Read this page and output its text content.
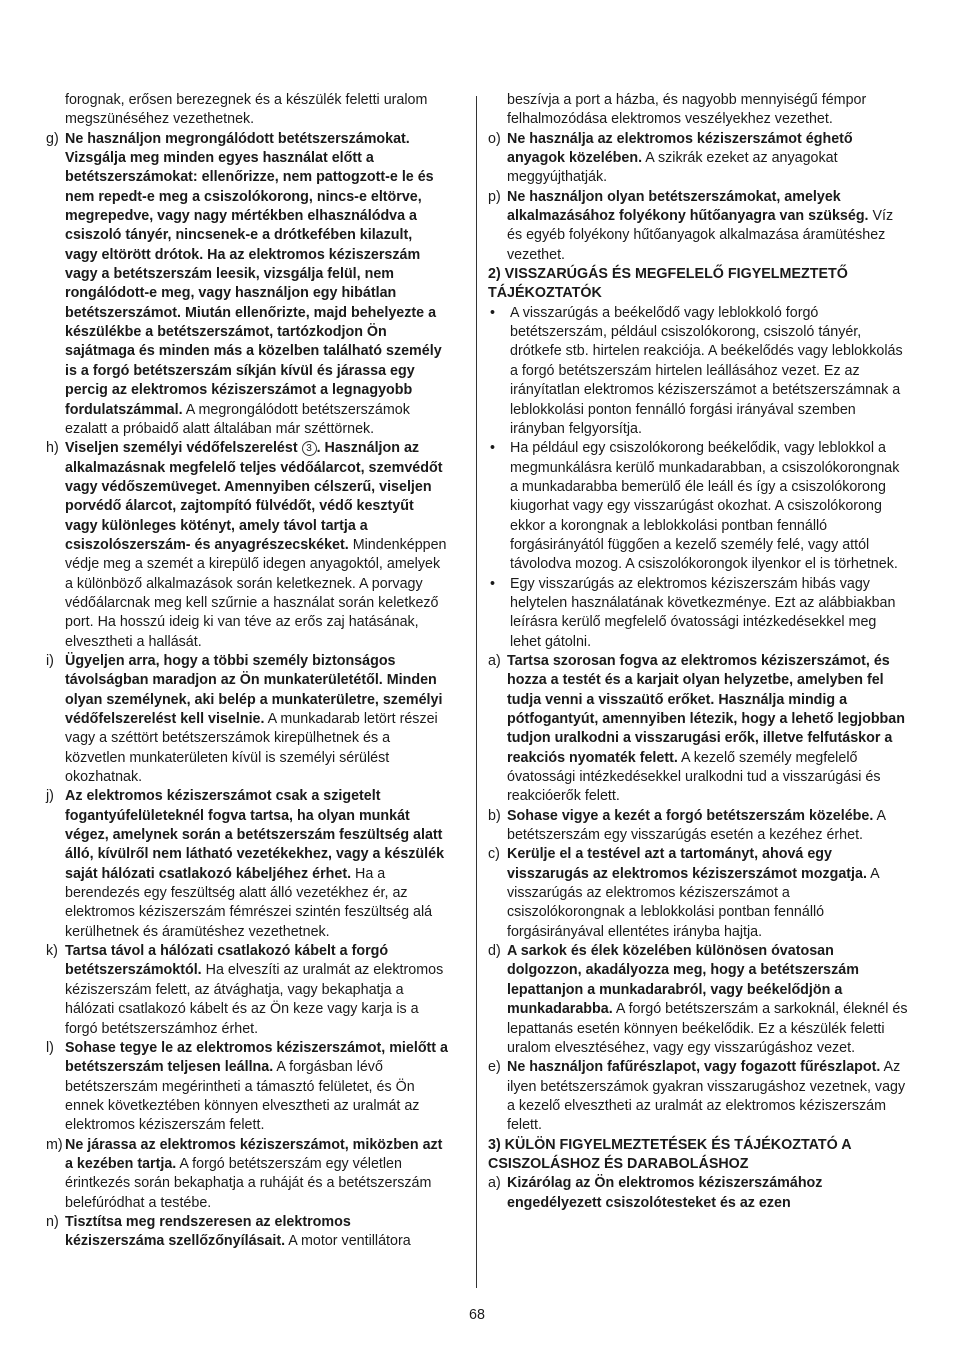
forognak, erősen berezegnek és a készülék feletti uralom megszünéséhez vezethetnek.
g) Ne használjon megrongálódott betétszerszámokat. Vizsgálja meg minden egyes használat előtt a betétszerszámokat: ellenőrizze, nem pattogzott-e le és nem repedt-e meg a csiszolókorong, nincs-e eltörve, megrepedve, vagy nagy mértékben elhasználódva a csiszoló tányér, nincsenek-e a drótkefében kilazult, vagy eltörött drótok. Ha az elektromos kéziszerszám vagy a betétszerszám leesik, vizsgálja felül, nem rongálódott-e meg, vagy használjon egy hibátlan betétszerszámot. Miután ellenőrizte, majd behelyezte a készülékbe a betétszerszámot, tartózkodjon Ön sajátmaga és minden más a közelben található személy is a forgó betétszerszám síkján kívül és járassa egy percig az elektromos kéziszerszámot a legnagyobb fordulatszámmal. A megrongálódott betétszerszámok ezalatt a próbaidő alatt általában már széttörnek.
h) Viseljen személyi védőfelszerelést 3 . Használjon az alkalmazásnak megfelelő teljes védőálarcot, szemvédőt vagy védőszemüveget. Amennyiben célszerű, viseljen porvédő álarcot, zajtompító fülvédőt, védő kesztyűt vagy különleges kötényt, amely távol tartja a csiszolószerszám- és anyagrészecskéket. Mindenképpen védje meg a szemét a kirepülő idegen anyagoktól, amelyek a különböző alkalmazások során keletkeznek. A porvagy védőálarcnak meg kell szűrnie a használat során keletkező port. Ha hosszú ideig ki van téve az erős zaj hatásának, elvesztheti a hallását.
i) Ügyeljen arra, hogy a többi személy biztonságos távolságban maradjon az Ön munkaterületétől. Minden olyan személynek, aki belép a munkaterületre, személyi védőfelszerelést kell viselnie. A munkadarab letört részei vagy a széttört betétszerszámok kirepülhetnek és a közvetlen munkaterületen kívül is személyi sérülést okozhatnak.
j) Az elektromos kéziszerszámot csak a szigetelt fogantyúfelületeknél fogva tartsa, ha olyan munkát végez, amelynek során a betétszerszám feszültség alatt álló, kívülről nem látható vezetékekhez, vagy a készülék saját hálózati csatlakozó kábeljéhez érhet. Ha a berendezés egy feszültség alatt álló vezetékhez ér, az elektromos kéziszerszám fémrészei szintén feszültség alá kerülhetnek és áramütéshez vezethetnek.
k) Tartsa távol a hálózati csatlakozó kábelt a forgó betétszerszámoktól. Ha elveszíti az uralmát az elektromos kéziszerszám felett, az átvághatja, vagy bekaphatja a hálózati csatlakozó kábelt és az Ön keze vagy karja is a forgó betétszerszámhoz érhet.
l) Sohase tegye le az elektromos kéziszerszámot, mielőtt a betétszerszám teljesen leállna. A forgásban lévő betétszerszám megérintheti a támasztó felületet, és Ön ennek következtében könnyen elvesztheti az uralmát az elektromos kéziszerszám felett.
m) Ne járassa az elektromos kéziszerszámot, miközben azt a kezében tartja. A forgó betétszerszám egy véletlen érintkezés során bekaphatja a ruháját és a betétszerszám belefúródhat a testébe.
n) Tisztítsa meg rendszeresen az elektromos kéziszerszáma szellőzőnyílásait. A motor ventillátora
beszívja a port a házba, és nagyobb mennyiségű fémpor felhalmozódása elektromos veszélyekhez vezethet.
o) Ne használja az elektromos kéziszerszámot éghető anyagok közelében. A szikrák ezeket az anyagokat meggyújthatják.
p) Ne használjon olyan betétszerszámokat, amelyek alkalmazásához folyékony hűtőanyagra van szükség. Víz és egyéb folyékony hűtőanyagok alkalmazása áramütéshez vezethet.
2) VISSZARÚGÁS ÉS MEGFELELŐ FIGYELMEZTETŐ TÁJÉKOZTATÓK
• A visszarúgás a beékelődő vagy leblokkoló forgó betétszerszám, például csiszolókorong, csiszoló tányér, drótkefe stb. hirtelen reakciója. A beékelődés vagy leblokkolás a forgó betétszerszám hirtelen leállásához vezet. Ez az irányítatlan elektromos kéziszerszámot a betétszerszámnak a leblokkolási ponton fennálló forgási irányával szemben irányban felgyorsítja.
• Ha például egy csiszolókorong beékelődik, vagy leblokkol a megmunkálásra kerülő munkadarabban, a csiszolókorongnak a munkadarabba bemerülő éle leáll és így a csiszolókorong kiugorhat vagy egy visszarúgást okozhat. A csiszolókorong ekkor a korongnak a leblokkolási pontban fennálló forgásirányától függően a kezelő személy felé, vagy attól távolodva mozog. A csiszolókorongok ilyenkor el is törhetnek.
• Egy visszarúgás az elektromos kéziszerszám hibás vagy helytelen használatának következménye. Ezt az alábbiakban leírásra kerülő megfelelő óvatossági intézkedésekkel meg lehet gátolni.
a) Tartsa szorosan fogva az elektromos kéziszerszámot, és hozza a testét és a karjait olyan helyzetbe, amelyben fel tudja venni a visszaütő erőket. Használja mindig a pótfogantyút, amennyiben létezik, hogy a lehető legjobban tudjon uralkodni a visszarugási erők, illetve felfutáskor a reakciós nyomaték felett. A kezelő személy megfelelő óvatossági intézkedésekkel uralkodni tud a visszarúgási és reakcióerők felett.
b) Sohase vigye a kezét a forgó betétszerszám közelébe. A betétszerszám egy visszarúgás esetén a kezéhez érhet.
c) Kerülje el a testével azt a tartományt, ahová egy visszarugás az elektromos kéziszerszámot mozgatja. A visszarúgás az elektromos kéziszerszámot a csiszolókorongnak a leblokkolási pontban fennálló forgásirányával ellentétes irányba hajtja.
d) A sarkok és élek közelében különösen óvatosan dolgozzon, akadályozza meg, hogy a betétszerszám lepattanjon a munkadarabról, vagy beékelődjön a munkadarabba. A forgó betétszerszám a sarkoknál, éleknél és lepattanás esetén könnyen beékelődik. Ez a készülék feletti uralom elvesztéséhez, vagy egy visszarúgáshoz vezet.
e) Ne használjon fafűrészlapot, vagy fogazott fűrészlapot. Az ilyen betétszerszámok gyakran visszarugáshoz vezetnek, vagy a kezelő elvesztheti az uralmát az elektromos kéziszerszám felett.
3) KÜLÖN FIGYELMEZTETÉSEK ÉS TÁJÉKOZTATÓ A CSISZOLÁSHOZ ÉS DARABOLÁSHOZ
a) Kizárólag az Ön elektromos kéziszerszámához engedélyezett csiszolótesteket és az ezen
68
